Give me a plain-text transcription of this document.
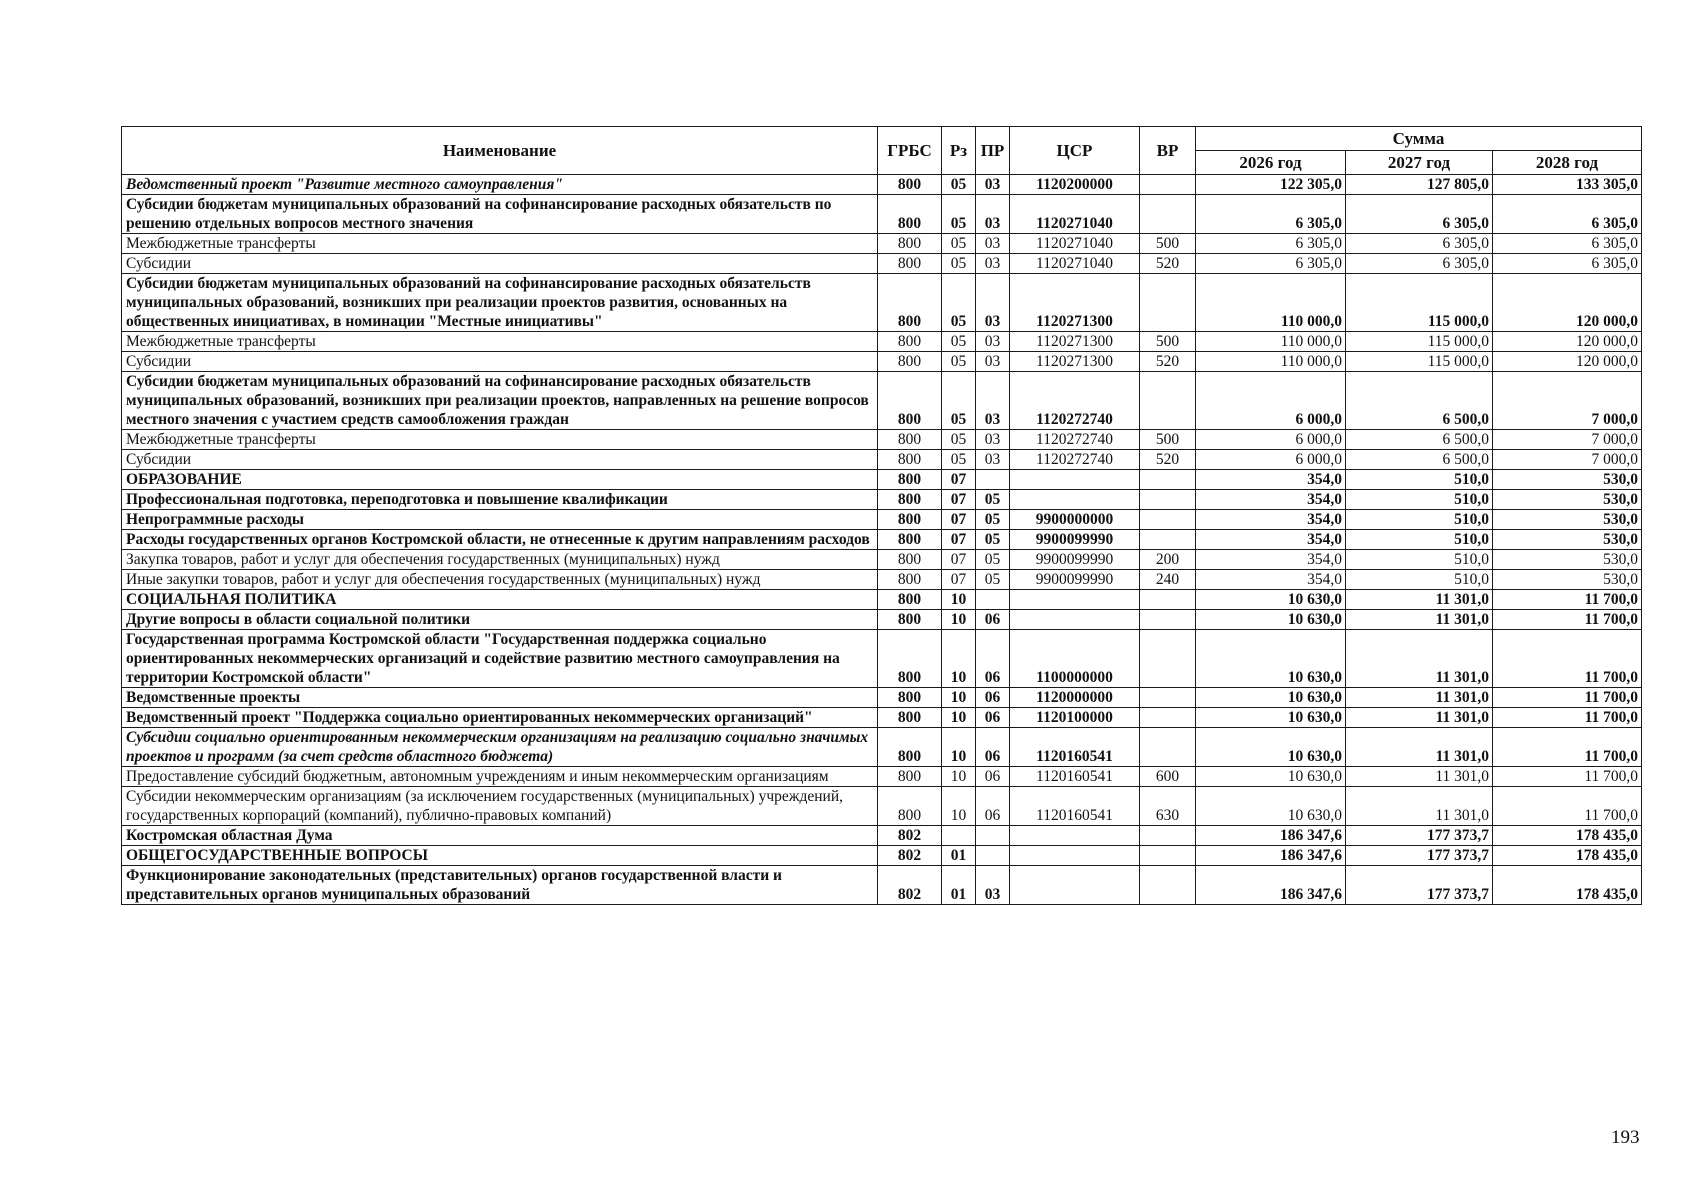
Наименование	ГРБС	Рз	ПР	ЦСР	ВР	Сумма		
						2026 год	2027 год	2028 год
Ведомственный проект "Развитие местного самоуправления"	800	05	03	1120200000		122 305,0	127 805,0	133 305,0
Субсидии бюджетам муниципальных образований на софинансирование расходных обязательств по решению отдельных вопросов местного значения	800	05	03	1120271040		6 305,0	6 305,0	6 305,0
Межбюджетные трансферты	800	05	03	1120271040	500	6 305,0	6 305,0	6 305,0
Субсидии	800	05	03	1120271040	520	6 305,0	6 305,0	6 305,0
Субсидии бюджетам муниципальных образований на софинансирование расходных обязательств муниципальных образований, возникших при реализации проектов развития, основанных на общественных инициативах, в номинации "Местные инициативы"	800	05	03	1120271300		110 000,0	115 000,0	120 000,0
Межбюджетные трансферты	800	05	03	1120271300	500	110 000,0	115 000,0	120 000,0
Субсидии	800	05	03	1120271300	520	110 000,0	115 000,0	120 000,0
Субсидии бюджетам муниципальных образований на софинансирование расходных обязательств муниципальных образований, возникших при реализации проектов, направленных на решение вопросов местного значения с участием средств самообложения граждан	800	05	03	1120272740		6 000,0	6 500,0	7 000,0
Межбюджетные трансферты	800	05	03	1120272740	500	6 000,0	6 500,0	7 000,0
Субсидии	800	05	03	1120272740	520	6 000,0	6 500,0	7 000,0
ОБРАЗОВАНИЕ	800	07				354,0	510,0	530,0
Профессиональная подготовка, переподготовка и повышение квалификации	800	07	05			354,0	510,0	530,0
Непрограммные расходы	800	07	05	9900000000		354,0	510,0	530,0
Расходы государственных органов Костромской области, не отнесенные к другим направлениям расходов	800	07	05	9900099990		354,0	510,0	530,0
Закупка товаров, работ и услуг для обеспечения государственных (муниципальных) нужд	800	07	05	9900099990	200	354,0	510,0	530,0
Иные закупки товаров, работ и услуг для обеспечения государственных (муниципальных) нужд	800	07	05	9900099990	240	354,0	510,0	530,0
СОЦИАЛЬНАЯ ПОЛИТИКА	800	10				10 630,0	11 301,0	11 700,0
Другие вопросы в области социальной политики	800	10	06			10 630,0	11 301,0	11 700,0
Государственная программа Костромской области "Государственная поддержка социально ориентированных некоммерческих организаций и содействие развитию местного самоуправления на территории Костромской области"	800	10	06	1100000000		10 630,0	11 301,0	11 700,0
Ведомственные проекты	800	10	06	1120000000		10 630,0	11 301,0	11 700,0
Ведомственный проект "Поддержка социально ориентированных некоммерческих организаций"	800	10	06	1120100000		10 630,0	11 301,0	11 700,0
Субсидии социально ориентированным некоммерческим организациям на реализацию социально значимых проектов и программ (за счет средств областного бюджета)	800	10	06	1120160541		10 630,0	11 301,0	11 700,0
Предоставление субсидий бюджетным, автономным учреждениям и иным некоммерческим организациям	800	10	06	1120160541	600	10 630,0	11 301,0	11 700,0
Субсидии некоммерческим организациям (за исключением государственных (муниципальных) учреждений, государственных корпораций (компаний), публично-правовых компаний)	800	10	06	1120160541	630	10 630,0	11 301,0	11 700,0
Костромская областная Дума	802					186 347,6	177 373,7	178 435,0
ОБЩЕГОСУДАРСТВЕННЫЕ ВОПРОСЫ	802	01				186 347,6	177 373,7	178 435,0
Функционирование законодательных (представительных) органов государственной власти и представительных органов муниципальных образований	802	01	03			186 347,6	177 373,7	178 435,0
193
